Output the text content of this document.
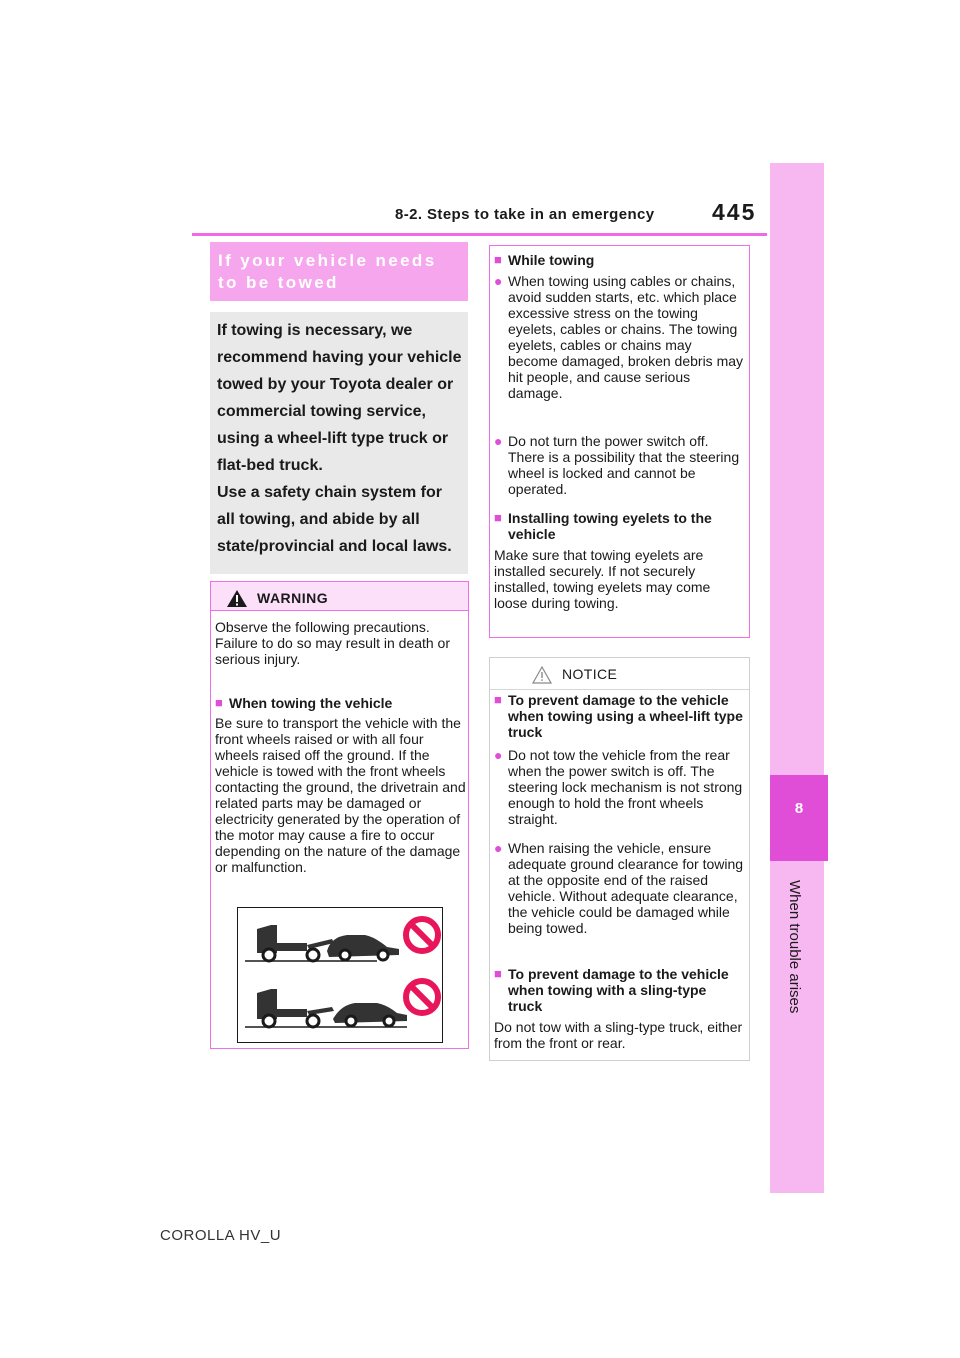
8-2. Steps to take in an emergency 445
8
When trouble arises
If your vehicle needs
to be towed

If towing is necessary, we recommend having your vehicle towed by your Toyota dealer or commercial towing service, using a wheel-lift type truck or flat-bed truck.

Use a safety chain system for all towing, and abide by all state/provincial and local laws.

WARNING

Observe the following precautions. Failure to do so may result in death or serious injury.

■ When towing the vehicle

Be sure to transport the vehicle with the front wheels raised or with all four wheels raised off the ground. If the vehicle is towed with the front wheels contacting the ground, the drivetrain and related parts may be damaged or electricity generated by the operation of the motor may cause a fire to occur depending on the nature of the damage or malfunction.

■ While towing
● When towing using cables or chains, avoid sudden starts, etc. which place excessive stress on the towing eyelets, cables or chains. The towing eyelets, cables or chains may become damaged, broken debris may hit people, and cause serious damage.
● Do not turn the power switch off. There is a possibility that the steering wheel is locked and cannot be operated.
■ Installing towing eyelets to the vehicle

Make sure that towing eyelets are installed securely. If not securely installed, towing eyelets may come loose during towing.

NOTICE
■ To prevent damage to the vehicle when towing using a wheel-lift type truck
● Do not tow the vehicle from the rear when the power switch is off. The steering lock mechanism is not strong enough to hold the front wheels straight.
● When raising the vehicle, ensure adequate ground clearance for towing at the opposite end of the raised vehicle. Without adequate clearance, the vehicle could be damaged while being towed.
■ To prevent damage to the vehicle when towing with a sling-type truck

Do not tow with a sling-type truck, either from the front or rear.

COROLLA HV_U
